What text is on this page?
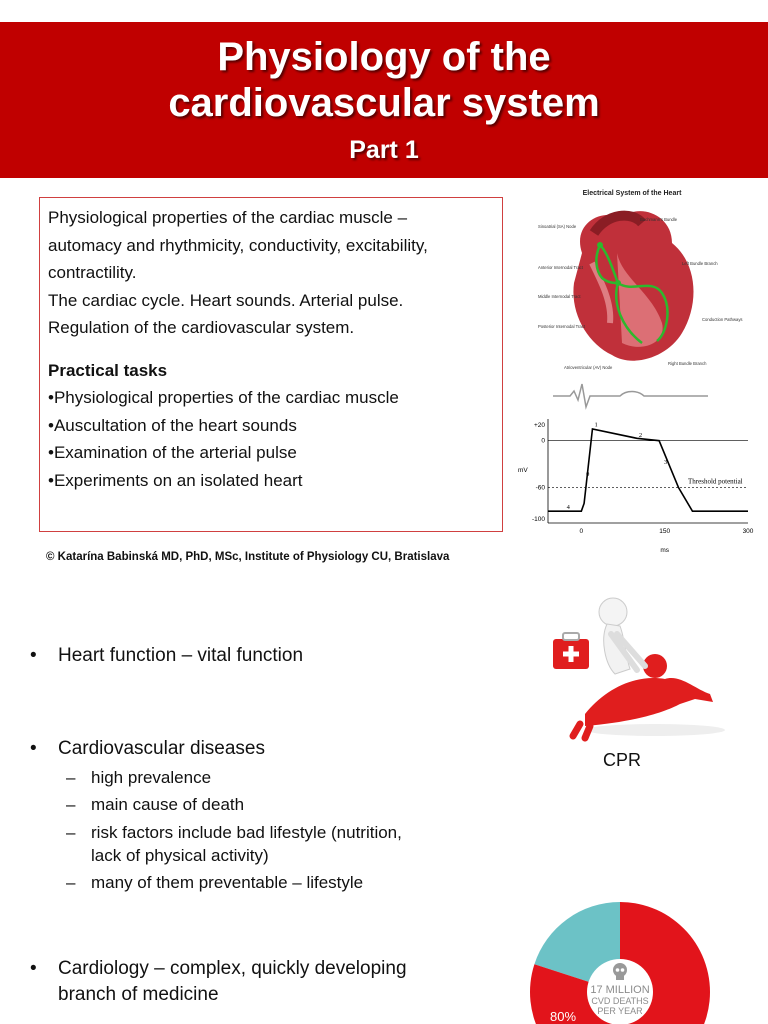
Physiology of the
cardiovascular system
Part 1

Physiological properties of the cardiac muscle –

automacy and rhythmicity, conductivity, excitability,

contractility.

The cardiac cycle. Heart sounds. Arterial pulse.

Regulation of the cardiovascular system.

Practical tasks

•Physiological properties of the cardiac muscle

•Auscultation of the heart sounds

•Examination of the arterial pulse

•Experiments on an isolated heart

© Katarína Babinská MD, PhD, MSc, Institute of Physiology CU, Bratislava
Electrical System of the Heart
Bachmann's Bundle
Sinoatrial (SA) Node
Anterior Internodal Tract
Middle Internodal Tract
Posterior Internodal Tract
Left Bundle Branch
Conduction Pathways
Right Bundle Branch
Atrioventricular (AV) Node
+20
0
-60
-100
0	150	300
ms
mV
Threshold potential
0
1
2
3
4
CPR
•	Heart function – vital function
•	Cardiovascular diseases
– high prevalence
– main cause of death
– risk factors include bad lifestyle (nutrition,
lack of physical activity)
– many of them preventable – lifestyle
•	Cardiology – complex, quickly developing
branch of medicine	17 MILLION
CVD DEATHS
PER YEAR
80%
